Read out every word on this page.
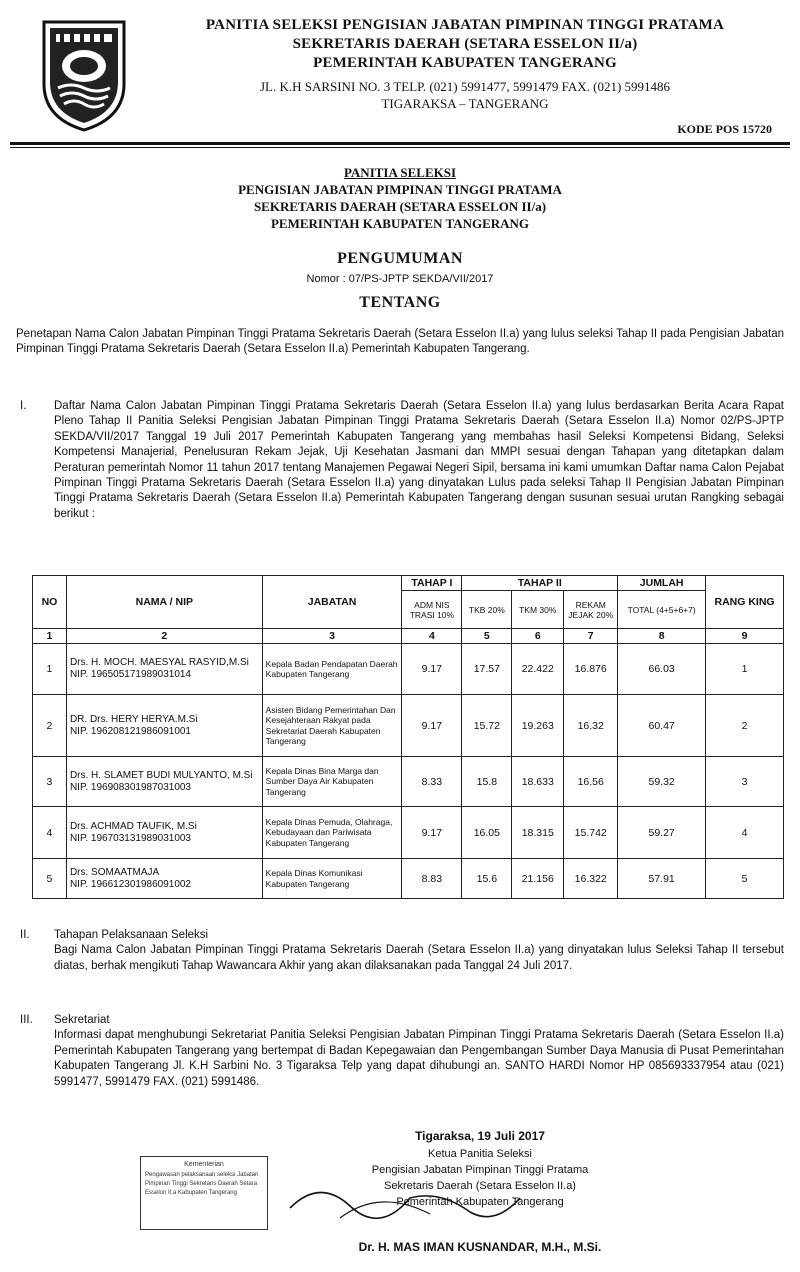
PANITIA SELEKSI PENGISIAN JABATAN PIMPINAN TINGGI PRATAMA
SEKRETARIS DAERAH (SETARA ESSELON II/a)
PEMERINTAH KABUPATEN TANGERANG
JL. K.H SARSINI NO. 3 TELP. (021) 5991477, 5991479 FAX. (021) 5991486
TIGARAKSA – TANGERANG
KODE POS 15720
PANITIA SELEKSI
PENGISIAN JABATAN PIMPINAN TINGGI PRATAMA
SEKRETARIS DAERAH (SETARA ESSELON II/a)
PEMERINTAH KABUPATEN TANGERANG
PENGUMUMAN
Nomor : 07/PS-JPTP SEKDA/VII/2017
TENTANG
Penetapan Nama Calon Jabatan Pimpinan Tinggi Pratama Sekretaris Daerah (Setara Esselon II.a) yang lulus seleksi Tahap II pada Pengisian Jabatan Pimpinan Tinggi Pratama Sekretaris Daerah (Setara Esselon II.a) Pemerintah Kabupaten Tangerang.
I. Daftar Nama Calon Jabatan Pimpinan Tinggi Pratama Sekretaris Daerah (Setara Esselon II.a) yang lulus berdasarkan Berita Acara Rapat Pleno Tahap II Panitia Seleksi Pengisian Jabatan Pimpinan Tinggi Pratama Sekretaris Daerah (Setara Esselon II.a) Nomor 02/PS-JPTP SEKDA/VII/2017 Tanggal 19 Juli 2017 Pemerintah Kabupaten Tangerang yang membahas hasil Seleksi Kompetensi Bidang, Seleksi Kompetensi Manajerial, Penelusuran Rekam Jejak, Uji Kesehatan Jasmani dan MMPI sesuai dengan Tahapan yang ditetapkan dalam Peraturan pemerintah Nomor 11 tahun 2017 tentang Manajemen Pegawai Negeri Sipil, bersama ini kami umumkan Daftar nama Calon Pejabat Pimpinan Tinggi Pratama Sekretaris Daerah (Setara Esselon II.a) yang dinyatakan Lulus pada seleksi Tahap II Pengisian Jabatan Pimpinan Tinggi Pratama Sekretaris Daerah (Setara Esselon II.a) Pemerintah Kabupaten Tangerang dengan susunan sesuai urutan Rangking sebagai berikut :
NO	NAMA / NIP	JABATAN	TAHAP I	TAHAP II			JUMLAH	RANG KING
			ADM NIS TRASI 10%	TKB 20%	TKM 30%	REKAM JEJAK 20%	TOTAL (4+5+6+7)	
1	2	3	4	5	6	7	8	9
1	Drs. H. MOCH. MAESYAL RASYID,M.Si
NIP. 196505171989031014	Kepala Badan Pendapatan Daerah Kabupaten Tangerang	9.17	17.57	22.422	16.876	66.03	1
2	DR. Drs. HERY HERYA.M.Si
NIP. 196208121986091001	Asisten Bidang Pemerintahan Dan Kesejahteraan Rakyat pada Sekretariat Daerah Kabupaten Tangerang	9.17	15.72	19.263	16.32	60.47	2
3	Drs. H. SLAMET BUDI MULYANTO, M.Si
NIP. 196908301987031003	Kepala Dinas Bina Marga dan Sumber Daya Air Kabupaten Tangerang	8.33	15.8	18.633	16.56	59.32	3
4	Drs. ACHMAD TAUFIK, M.Si
NIP. 196703131989031003	Kepala Dinas Pemuda, Olahraga, Kebudayaan dan Pariwisata Kabupaten Tangerang	9.17	16.05	18.315	15.742	59.27	4
5	Drs. SOMAATMAJA
NIP. 196612301986091002	Kepala Dinas Komunikasi Kabupaten Tangerang	8.83	15.6	21.156	16.322	57.91	5
II. Tahapan Pelaksanaan Seleksi
Bagi Nama Calon Jabatan Pimpinan Tinggi Pratama Sekretaris Daerah (Setara Esselon II.a) yang dinyatakan lulus Seleksi Tahap II tersebut diatas, berhak mengikuti Tahap Wawancara Akhir yang akan dilaksanakan pada Tanggal 24 Juli 2017.
III. Sekretariat
Informasi dapat menghubungi Sekretariat Panitia Seleksi Pengisian Jabatan Pimpinan Tinggi Pratama Sekretaris Daerah (Setara Esselon II.a) Pemerintah Kabupaten Tangerang yang bertempat di Badan Kepegawaian dan Pengembangan Sumber Daya Manusia di Pusat Pemerintahan Kabupaten Tangerang Jl. K.H Sarbini No. 3 Tigaraksa Telp yang dapat dihubungi an. SANTO HARDI Nomor HP 085693337954 atau (021) 5991477, 5991479 FAX. (021) 5991486.
Tigaraksa, 19 Juli 2017
Ketua Panitia Seleksi
Pengisian Jabatan Pimpinan Tinggi Pratama
Sekretaris Daerah (Setara Esselon II.a)
Pemerintah Kabupaten Tangerang
Kementerian
Pengawasan pelaksanaan seleksi Jabatan Pimpinan Tinggi Sekretaris Daerah Setara Esselon II.a Kabupaten Tangerang
Dr. H. MAS IMAN KUSNANDAR, M.H., M.Si.
